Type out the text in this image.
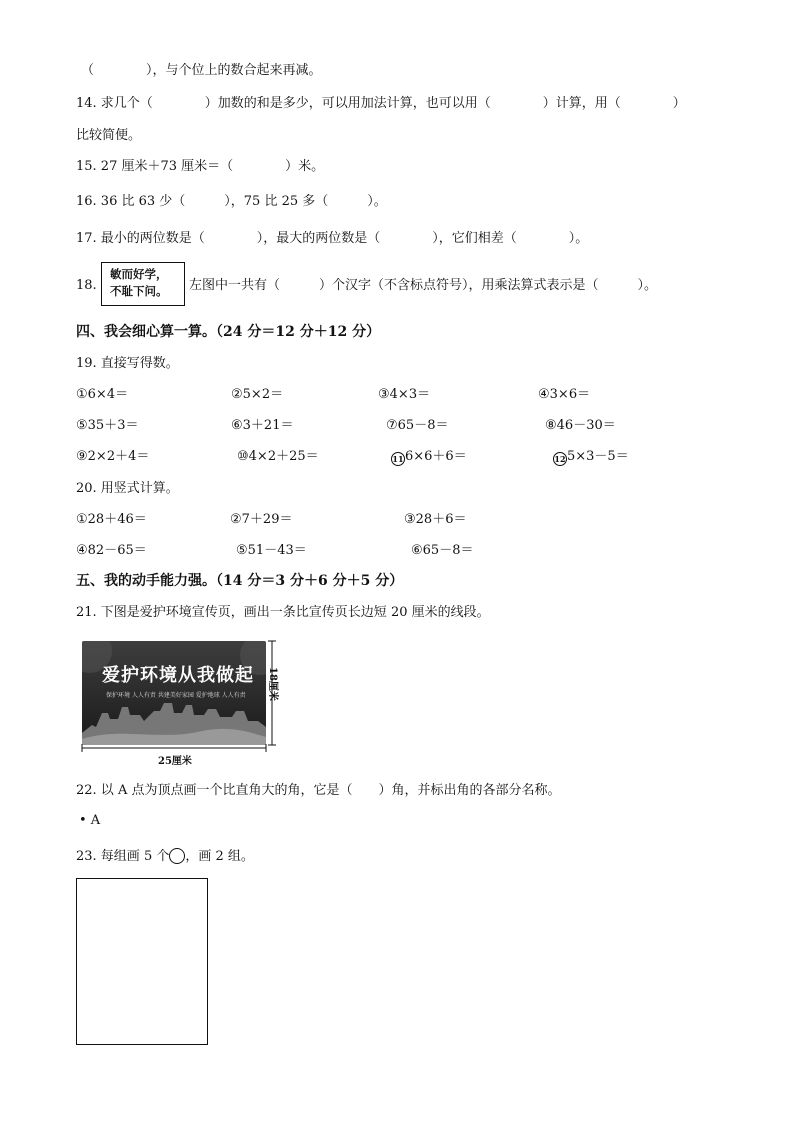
（　　　　），与个位上的数合起来再减。
14. 求几个（　　　　）加数的和是多少，可以用加法计算，也可以用（　　　　）计算，用（　　　　）
比较简便。
15. 27 厘米＋73 厘米＝（　　　　）米。
16. 36 比 63 少（　　　），75 比 25 多（　　　）。
17. 最小的两位数是（　　　　），最大的两位数是（　　　　），它们相差（　　　　）。
18.
敏而好学，
不耻下问。	左图中一共有（　　　）个汉字（不含标点符号），用乘法算式表示是（　　　）。
四、我会细心算一算。（24 分＝12 分＋12 分）
19. 直接写得数。
①6×4＝	②5×2＝	③4×3＝	④3×6＝
⑤35＋3＝	⑥3＋21＝	⑦65－8＝	⑧46－30＝
⑨2×2＋4＝	⑩4×2＋25＝	116×6＋6＝	125×3－5＝
20. 用竖式计算。
①28＋46＝	②7＋29＝	③28＋6＝
④82－65＝	⑤51－43＝	⑥65－8＝
五、我的动手能力强。（14 分＝3 分＋6 分＋5 分）
21. 下图是爱护环境宣传页，画出一条比宣传页长边短 20 厘米的线段。
爱护环境从我做起
保护环境 人人有责 共建美好家园 爱护地球 人人有责 18厘米
25厘米
22. 以 A 点为顶点画一个比直角大的角，它是（　　）角，并标出角的各部分名称。
• A
23. 每组画 5 个 ，画 2 组。
